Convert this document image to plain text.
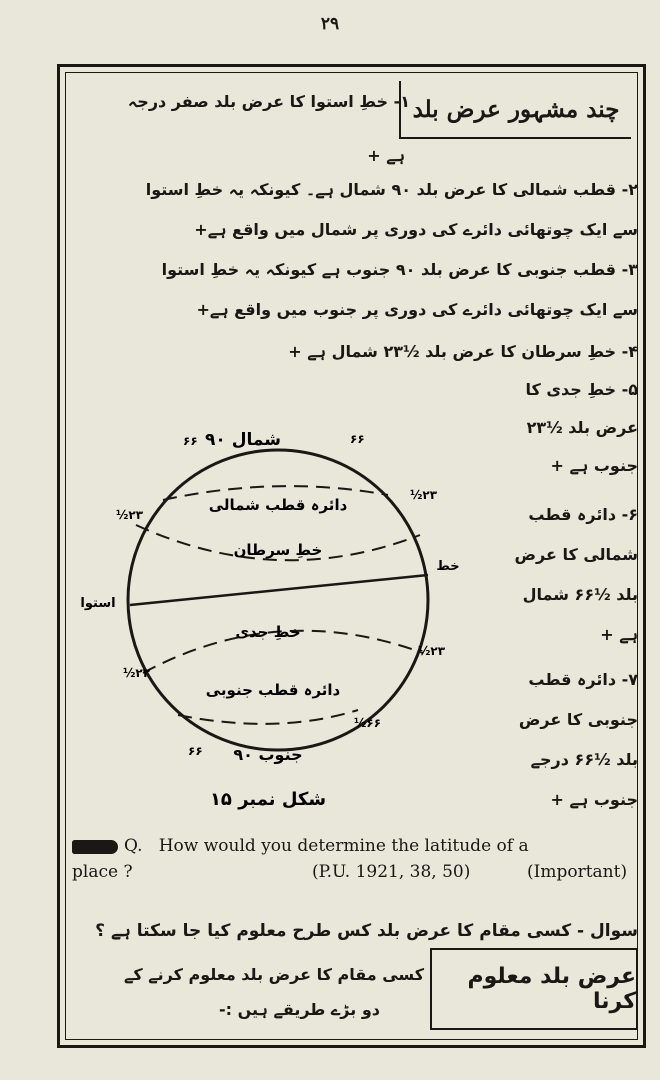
۲۹
چند مشہور عرض بلد
۱- خطِ استوا کا عرض بلد صفر درجہ
ہے +
۲- قطب شمالی کا عرض بلد ۹۰ شمال ہے۔ کیونکہ یہ خطِ استوا
سے ایک چوتھائی دائرے کی دوری پر شمال میں واقع ہے+
۳- قطب جنوبی کا عرض بلد ۹۰ جنوب ہے کیونکہ یہ خطِ استوا
سے ایک چوتھائی دائرے کی دوری پر جنوب میں واقع ہے+
۴- خطِ سرطان کا عرض بلد ½۲۳ شمال ہے +
۵- خطِ جدی کا
عرض بلد ½۲۳
جنوب ہے +
۶- دائرہ قطب
شمالی کا عرض
بلد ½۶۶ شمال
ہے +
۷- دائرہ قطب
جنوبی کا عرض
بلد ½۶۶ درجے
جنوب ہے +
۹۰ شمال
دائرہ قطب شمالی
خطِ سرطان
استوا
خط
خطِ جدی
دائرہ قطب جنوبی
۹۰ جنوب
شکل نمبر ۱۵
۶۶	۶۶
½۲۳
½۲۳
½۲۳
½۲۳
۶۶
½۶۶
Q. How would you determine the latitude of a
place ?	(P.U. 1921, 38, 50)	(Important)
سوال - کسی مقام کا عرض بلد کس طرح معلوم کیا جا سکتا ہے ؟
عرض بلد معلوم کرنا
کسی مقام کا عرض بلد معلوم کرنے کے
دو بڑے طریقے ہیں :-
